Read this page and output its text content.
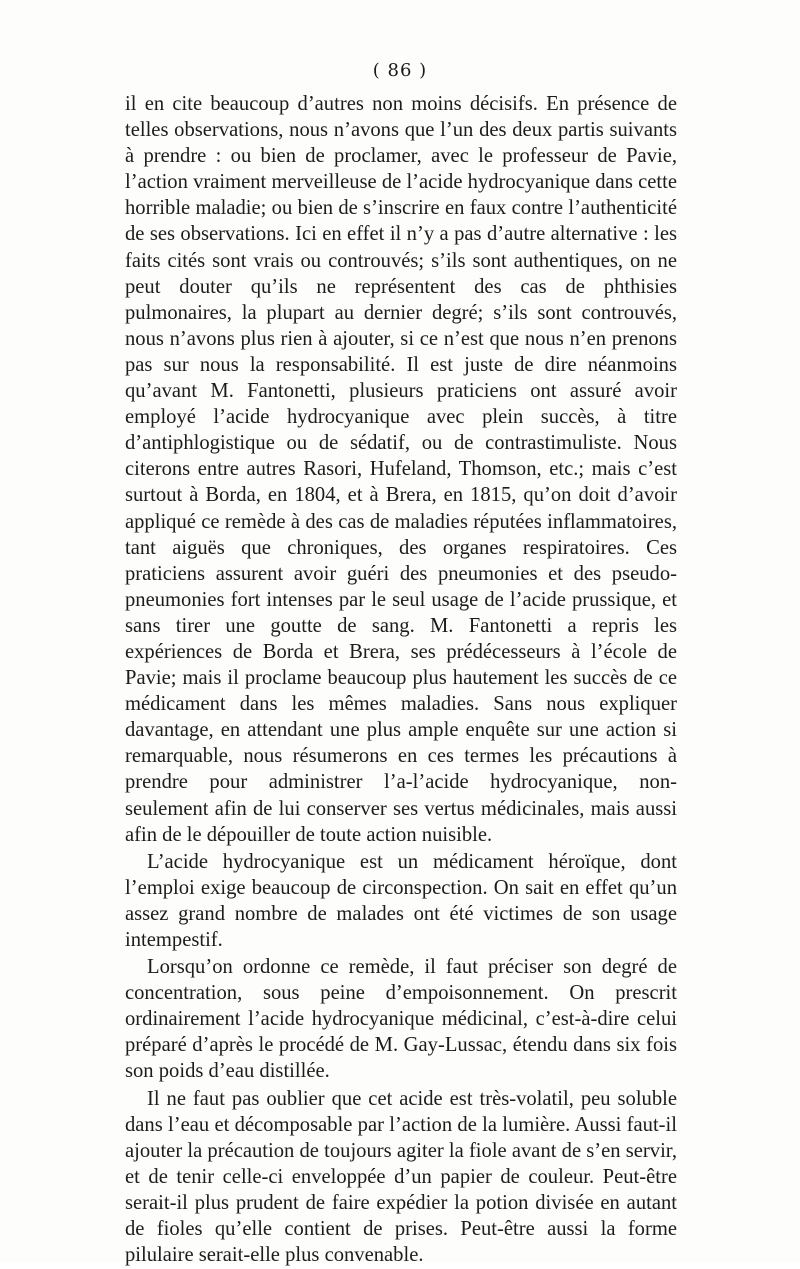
( 86 )

il en cite beaucoup d’autres non moins décisifs. En présence de telles observations, nous n’avons que l’un des deux partis suivants à prendre : ou bien de proclamer, avec le professeur de Pavie, l’action vraiment merveilleuse de l’acide hydrocyanique dans cette horrible maladie; ou bien de s’inscrire en faux contre l’authenticité de ses observations. Ici en effet il n’y a pas d’autre alternative : les faits cités sont vrais ou controuvés; s’ils sont authentiques, on ne peut douter qu’ils ne représentent des cas de phthisies pulmonaires, la plupart au dernier degré; s’ils sont controuvés, nous n’avons plus rien à ajouter, si ce n’est que nous n’en prenons pas sur nous la responsabilité. Il est juste de dire néanmoins qu’avant M. Fantonetti, plusieurs praticiens ont assuré avoir employé l’acide hydrocyanique avec plein succès, à titre d’antiphlogistique ou de sédatif, ou de contrastimuliste. Nous citerons entre autres Rasori, Hufeland, Thomson, etc.; mais c’est surtout à Borda, en 1804, et à Brera, en 1815, qu’on doit d’avoir appliqué ce remède à des cas de maladies réputées inflammatoires, tant aiguës que chroniques, des organes respiratoires. Ces praticiens assurent avoir guéri des pneumonies et des pseudo-pneumonies fort intenses par le seul usage de l’acide prussique, et sans tirer une goutte de sang. M. Fantonetti a repris les expériences de Borda et Brera, ses prédécesseurs à l’école de Pavie; mais il proclame beaucoup plus hautement les succès de ce médicament dans les mêmes maladies. Sans nous expliquer davantage, en attendant une plus ample enquête sur une action si remarquable, nous résumerons en ces termes les précautions à prendre pour administrer l’a-l’acide hydrocyanique, non-seulement afin de lui conserver ses vertus médicinales, mais aussi afin de le dépouiller de toute action nuisible.

L’acide hydrocyanique est un médicament héroïque, dont l’emploi exige beaucoup de circonspection. On sait en effet qu’un assez grand nombre de malades ont été victimes de son usage intempestif.

Lorsqu’on ordonne ce remède, il faut préciser son degré de concentration, sous peine d’empoisonnement. On prescrit ordinairement l’acide hydrocyanique médicinal, c’est-à-dire celui préparé d’après le procédé de M. Gay-Lussac, étendu dans six fois son poids d’eau distillée.

Il ne faut pas oublier que cet acide est très-volatil, peu soluble dans l’eau et décomposable par l’action de la lumière. Aussi faut-il ajouter la précaution de toujours agiter la fiole avant de s’en servir, et de tenir celle-ci enveloppée d’un papier de couleur. Peut-être serait-il plus prudent de faire expédier la potion divisée en autant de fioles qu’elle contient de prises. Peut-être aussi la forme pilulaire serait-elle plus convenable.
